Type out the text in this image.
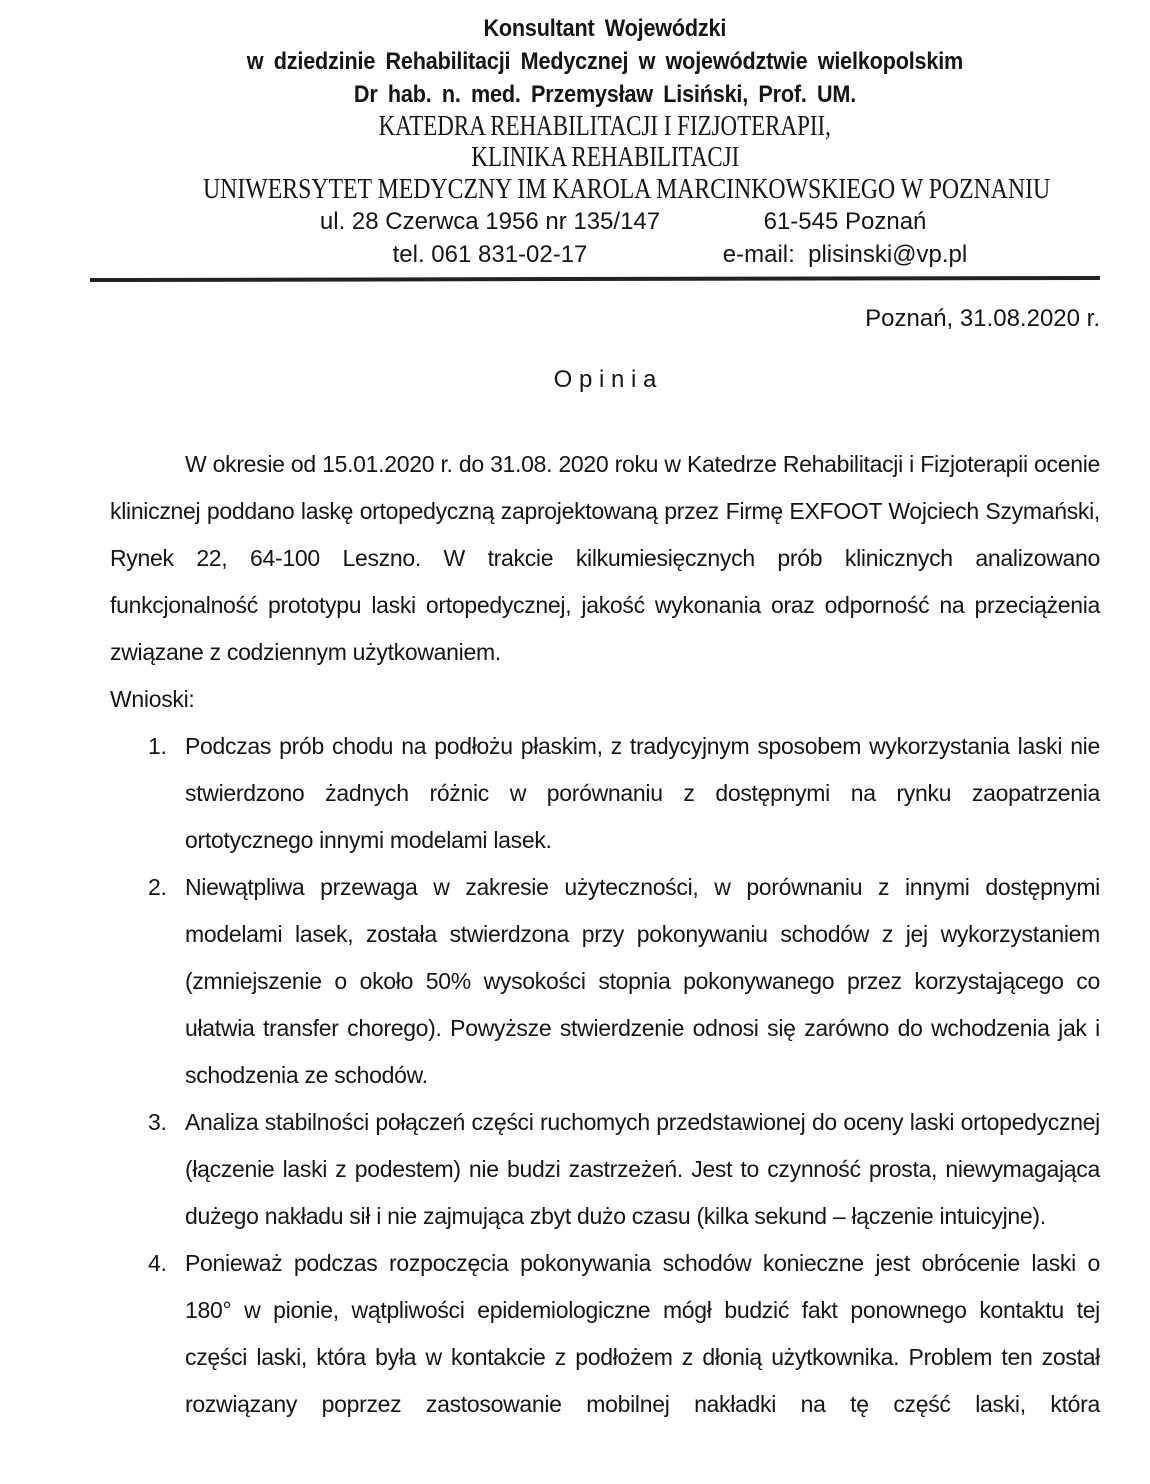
Konsultant Wojewódzki
w dziedzinie Rehabilitacji Medycznej w województwie wielkopolskim
Dr hab. n. med. Przemysław Lisiński, Prof. UM.
KATEDRA REHABILITACJI I FIZJOTERAPII,
KLINIKA REHABILITACJI
UNIWERSYTET MEDYCZNY IM KAROLA MARCINKOWSKIEGO W POZNANIU
ul. 28 Czerwca 1956 nr 135/147	61-545 Poznań
tel. 061 831-02-17	e-mail:  plisinski@vp.pl
Poznań, 31.08.2020 r.
O p i n i a

W okresie od 15.01.2020 r. do 31.08. 2020 roku w Katedrze Rehabilitacji i Fizjoterapii ocenie klinicznej poddano laskę ortopedyczną zaprojektowaną przez Firmę EXFOOT Wojciech Szymański, Rynek 22, 64-100 Leszno. W trakcie kilkumiesięcznych prób klinicznych analizowano funkcjonalność prototypu laski ortopedycznej, jakość wykonania oraz odporność na przeciążenia związane z codziennym użytkowaniem.

Wnioski:
1. Podczas prób chodu na podłożu płaskim, z tradycyjnym sposobem wykorzystania laski nie stwierdzono żadnych różnic w porównaniu z dostępnymi na rynku zaopatrzenia ortotycznego innymi modelami lasek.
2. Niewątpliwa przewaga w zakresie użyteczności, w porównaniu z innymi dostępnymi modelami lasek, została stwierdzona przy pokonywaniu schodów z jej wykorzystaniem (zmniejszenie o około 50% wysokości stopnia pokonywanego przez korzystającego co ułatwia transfer chorego). Powyższe stwierdzenie odnosi się zarówno do wchodzenia jak i schodzenia ze schodów.
3. Analiza stabilności połączeń części ruchomych przedstawionej do oceny laski ortopedycznej (łączenie laski z podestem) nie budzi zastrzeżeń. Jest to czynność prosta, niewymagająca dużego nakładu sił i nie zajmująca zbyt dużo czasu (kilka sekund – łączenie intuicyjne).
4. Ponieważ podczas rozpoczęcia pokonywania schodów konieczne jest obrócenie laski o 180° w pionie, wątpliwości epidemiologiczne mógł budzić fakt ponownego kontaktu tej części laski, która była w kontakcie z podłożem z dłonią użytkownika. Problem ten został rozwiązany poprzez zastosowanie mobilnej nakładki na tę część laski, która
